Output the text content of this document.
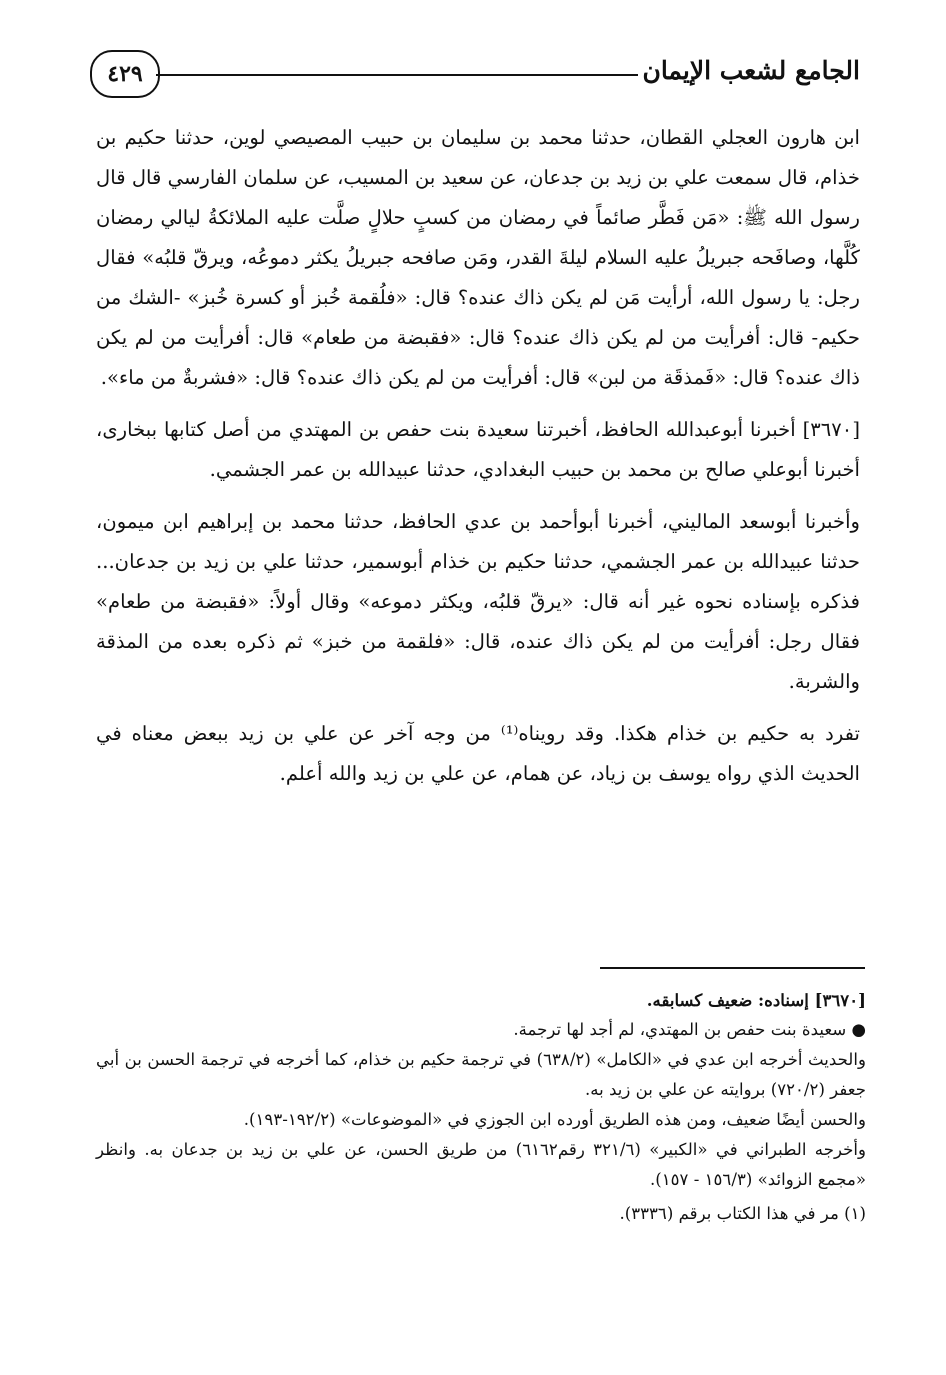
الجامع لشعب الإيمان
٤٢٩

ابن هارون العجلي القطان، حدثنا محمد بن سليمان بن حبيب المصيصي لوين، حدثنا حكيم بن خذام، قال سمعت علي بن زيد بن جدعان، عن سعيد بن المسيب، عن سلمان الفارسي قال قال رسول الله ﷺ: «مَن فَطَّر صائماً في رمضان من كسبٍ حلالٍ صلَّت عليه الملائكةُ ليالي رمضان كُلَّها، وصافَحه جبريلُ عليه السلام ليلةَ القدر، ومَن صافحه جبريلُ يكثر دموعُه، ويرقّ قلبُه» فقال رجل: يا رسول الله، أرأيت مَن لم يكن ذاك عنده؟ قال: «فلُقمة خُبز أو كسرة خُبز» -الشك من حكيم- قال: أفرأيت من لم يكن ذاك عنده؟ قال: «فقبضة من طعام» قال: أفرأيت من لم يكن ذاك عنده؟ قال: «فَمذقَة من لبن» قال: أفرأيت من لم يكن ذاك عنده؟ قال: «فشربةٌ من ماء».

[٣٦٧٠] أخبرنا أبوعبدالله الحافظ، أخبرتنا سعيدة بنت حفص بن المهتدي من أصل كتابها ببخارى، أخبرنا أبوعلي صالح بن محمد بن حبيب البغدادي، حدثنا عبيدالله بن عمر الجشمي.

وأخبرنا أبوسعد الماليني، أخبرنا أبوأحمد بن عدي الحافظ، حدثنا محمد بن إبراهيم ابن ميمون، حدثنا عبيدالله بن عمر الجشمي، حدثنا حكيم بن خذام أبوسمير، حدثنا علي بن زيد بن جدعان... فذكره بإسناده نحوه غير أنه قال: «يرقّ قلبُه، ويكثر دموعه» وقال أولاً: «فقبضة من طعام» فقال رجل: أفرأيت من لم يكن ذاك عنده، قال: «فلقمة من خبز» ثم ذكره بعده من المذقة والشربة.

تفرد به حكيم بن خذام هكذا. وقد رويناه⁽¹⁾ من وجه آخر عن علي بن زيد ببعض معناه في الحديث الذي رواه يوسف بن زياد، عن همام، عن علي بن زيد والله أعلم.

[٣٦٧٠] إسناده: ضعيف كسابقه.

● سعيدة بنت حفص بن المهتدي، لم أجد لها ترجمة.

والحديث أخرجه ابن عدي في «الكامل» (٦٣٨/٢) في ترجمة حكيم بن خذام، كما أخرجه في ترجمة الحسن بن أبي جعفر (٧٢٠/٢) بروايته عن علي بن زيد به.

والحسن أيضًا ضعيف، ومن هذه الطريق أورده ابن الجوزي في «الموضوعات» (١٩٢/٢-١٩٣).

وأخرجه الطبراني في «الكبير» (٣٢١/٦ رقم٦١٦٢) من طريق الحسن، عن علي بن زيد بن جدعان به. وانظر «مجمع الزوائد» (١٥٦/٣ - ١٥٧).

(١) مر في هذا الكتاب برقم (٣٣٣٦).
